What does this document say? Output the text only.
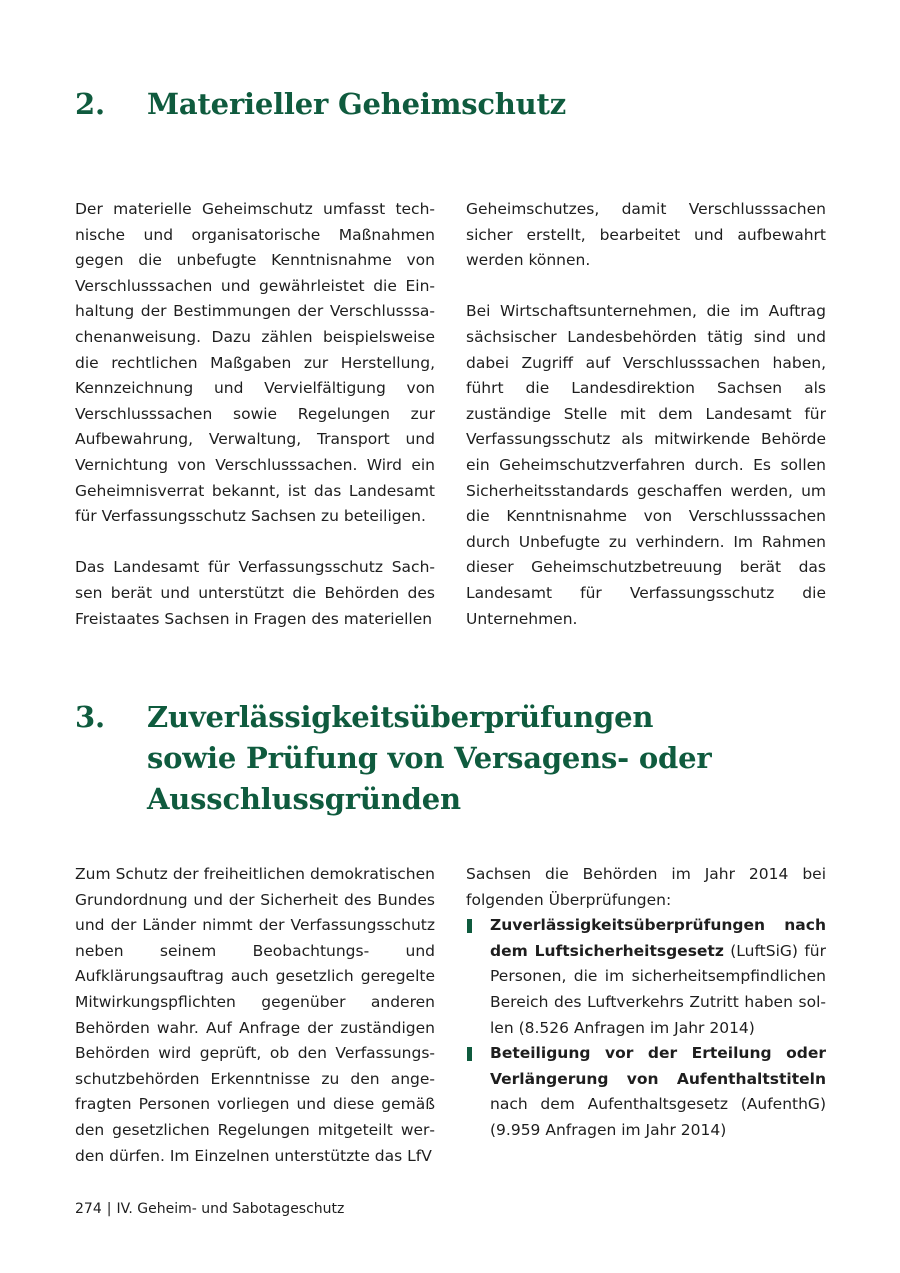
2. Materieller Geheimschutz

Der materielle Geheimschutz umfasst technische und organisatorische Maßnahmen gegen die unbefugte Kenntnisnahme von Verschlusssachen und gewährleistet die Einhaltung der Bestimmungen der Verschlusssachenanweisung. Dazu zählen beispielsweise die rechtlichen Maßgaben zur Herstellung, Kennzeichnung und Vervielfältigung von Verschlusssachen sowie Regelungen zur Aufbewahrung, Verwaltung, Transport und Vernichtung von Verschlusssachen. Wird ein Geheimnisverrat bekannt, ist das Landesamt für Verfassungsschutz Sachsen zu beteiligen.

Das Landesamt für Verfassungsschutz Sachsen berät und unterstützt die Behörden des Freistaates Sachsen in Fragen des materiellen

Geheimschutzes, damit Verschlusssachen sicher erstellt, bearbeitet und aufbewahrt werden können.

Bei Wirtschaftsunternehmen, die im Auftrag sächsischer Landesbehörden tätig sind und dabei Zugriff auf Verschlusssachen haben, führt die Landesdirektion Sachsen als zuständige Stelle mit dem Landesamt für Verfassungsschutz als mitwirkende Behörde ein Geheimschutzverfahren durch. Es sollen Sicherheitsstandards geschaffen werden, um die Kenntnisnahme von Verschlusssachen durch Unbefugte zu verhindern. Im Rahmen dieser Geheimschutzbetreuung berät das Landesamt für Verfassungsschutz die Unternehmen.

3. Zuverlässigkeitsüberprüfungen
sowie Prüfung von Versagens- oder
Ausschlussgründen

Zum Schutz der freiheitlichen demokratischen Grundordnung und der Sicherheit des Bundes und der Länder nimmt der Verfassungsschutz neben seinem Beobachtungs- und Aufklärungsauftrag auch gesetzlich geregelte Mitwirkungspflichten gegenüber anderen Behörden wahr. Auf Anfrage der zuständigen Behörden wird geprüft, ob den Verfassungsschutzbehörden Erkenntnisse zu den angefragten Personen vorliegen und diese gemäß den gesetzlichen Regelungen mitgeteilt werden dürfen. Im Einzelnen unterstützte das LfV

Sachsen die Behörden im Jahr 2014 bei folgenden Überprüfungen:

Zuverlässigkeitsüberprüfungen nach dem Luftsicherheitsgesetz (LuftSiG) für Personen, die im sicherheitsempfindlichen Bereich des Luftverkehrs Zutritt haben sollen (8.526 Anfragen im Jahr 2014)
Beteiligung vor der Erteilung oder Verlängerung von Aufenthaltstiteln nach dem Aufenthaltsgesetz (AufenthG) (9.959 Anfragen im Jahr 2014)
274 | IV. Geheim- und Sabotageschutz
